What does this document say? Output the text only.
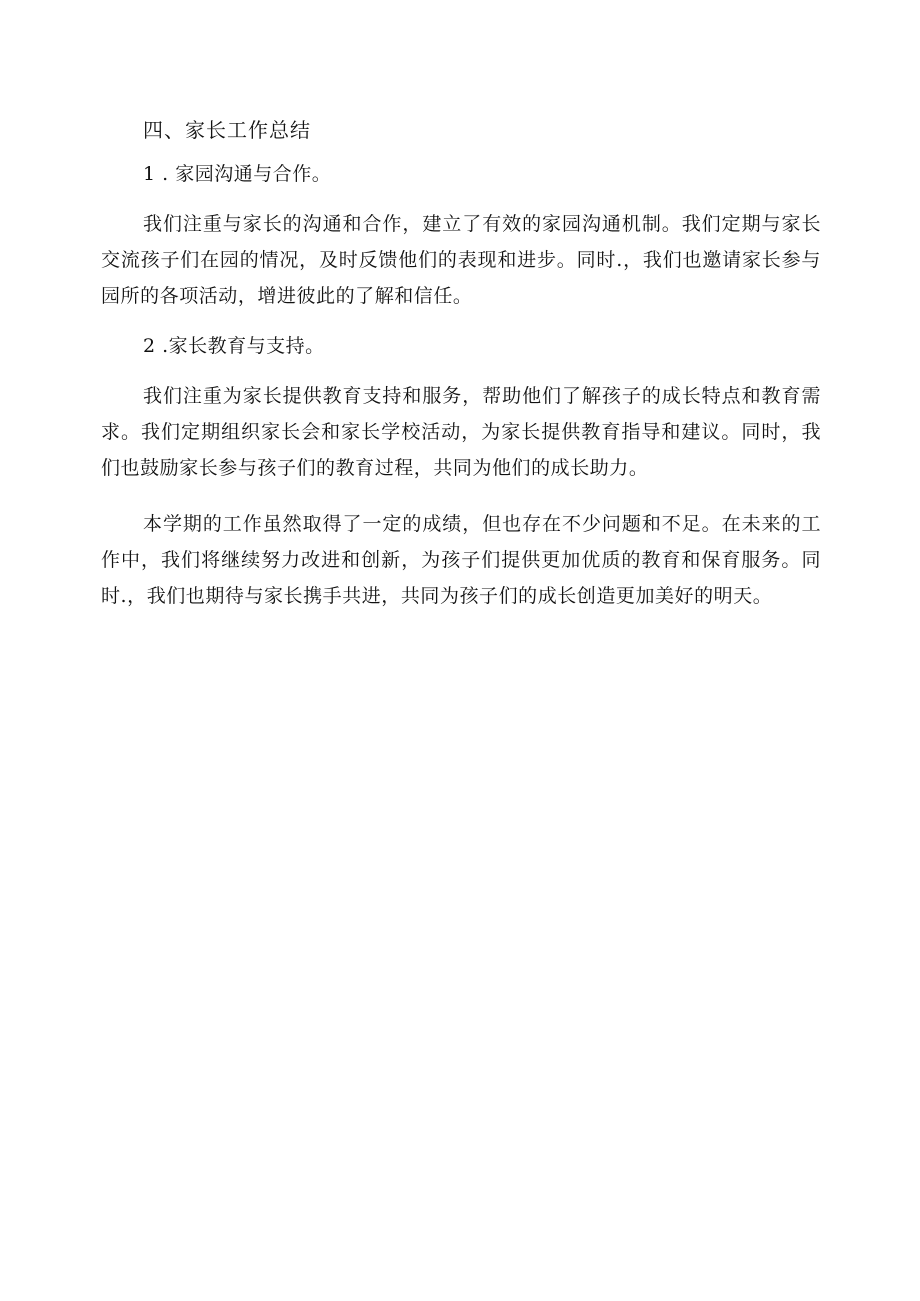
四、家长工作总结

1 . 家园沟通与合作。

我们注重与家长的沟通和合作，建立了有效的家园沟通机制。我们定期与家长交流孩子们在园的情况，及时反馈他们的表现和进步。同时.，我们也邀请家长参与园所的各项活动，增进彼此的了解和信任。

2 .家长教育与支持。

我们注重为家长提供教育支持和服务，帮助他们了解孩子的成长特点和教育需求。我们定期组织家长会和家长学校活动，为家长提供教育指导和建议。同时，我们也鼓励家长参与孩子们的教育过程，共同为他们的成长助力。

本学期的工作虽然取得了一定的成绩，但也存在不少问题和不足。在未来的工作中，我们将继续努力改进和创新，为孩子们提供更加优质的教育和保育服务。同时.，我们也期待与家长携手共进，共同为孩子们的成长创造更加美好的明天。
